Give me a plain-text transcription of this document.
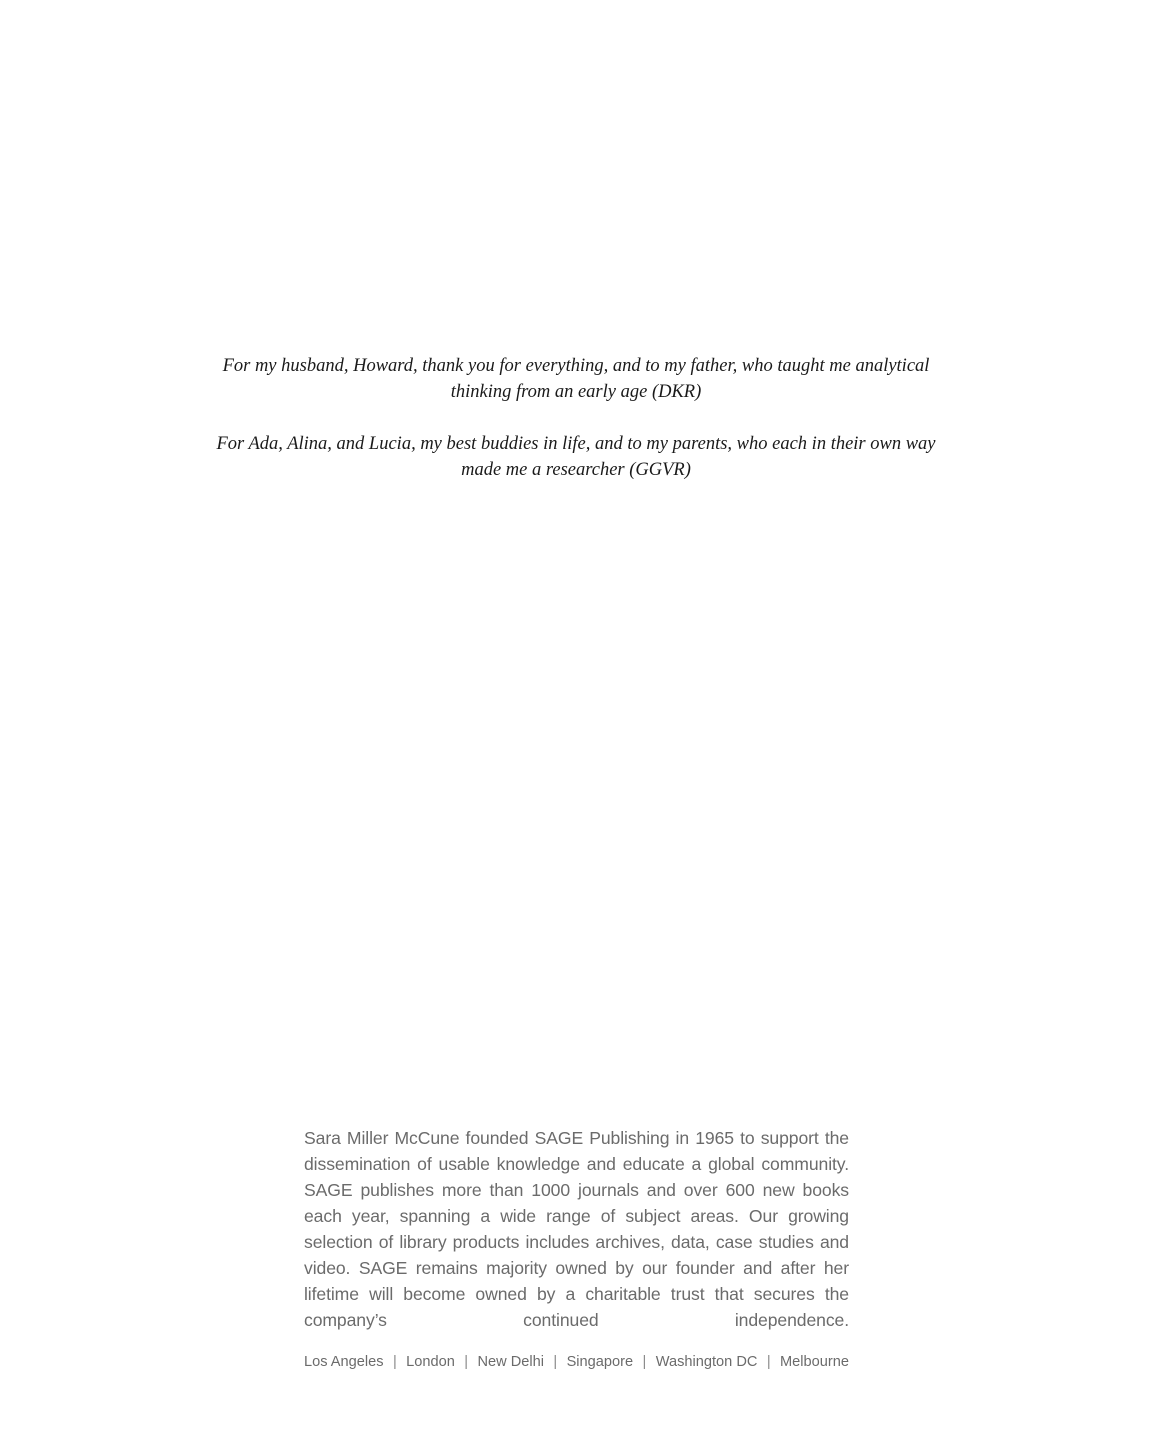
For my husband, Howard, thank you for everything, and to my father, who taught me analytical

thinking from an early age (DKR)

For Ada, Alina, and Lucia, my best buddies in life, and to my parents, who each in their own way

made me a researcher (GGVR)

Sara Miller McCune founded SAGE Publishing in 1965 to support the dissemination of usable knowledge and educate a global community. SAGE publishes more than 1000 journals and over 600 new books each year, spanning a wide range of subject areas. Our growing selection of library products includes archives, data, case studies and video. SAGE remains majority owned by our founder and after her lifetime will become owned by a charitable trust that secures the company’s continued independence.

Los Angeles | London | New Delhi | Singapore | Washington DC | Melbourne
